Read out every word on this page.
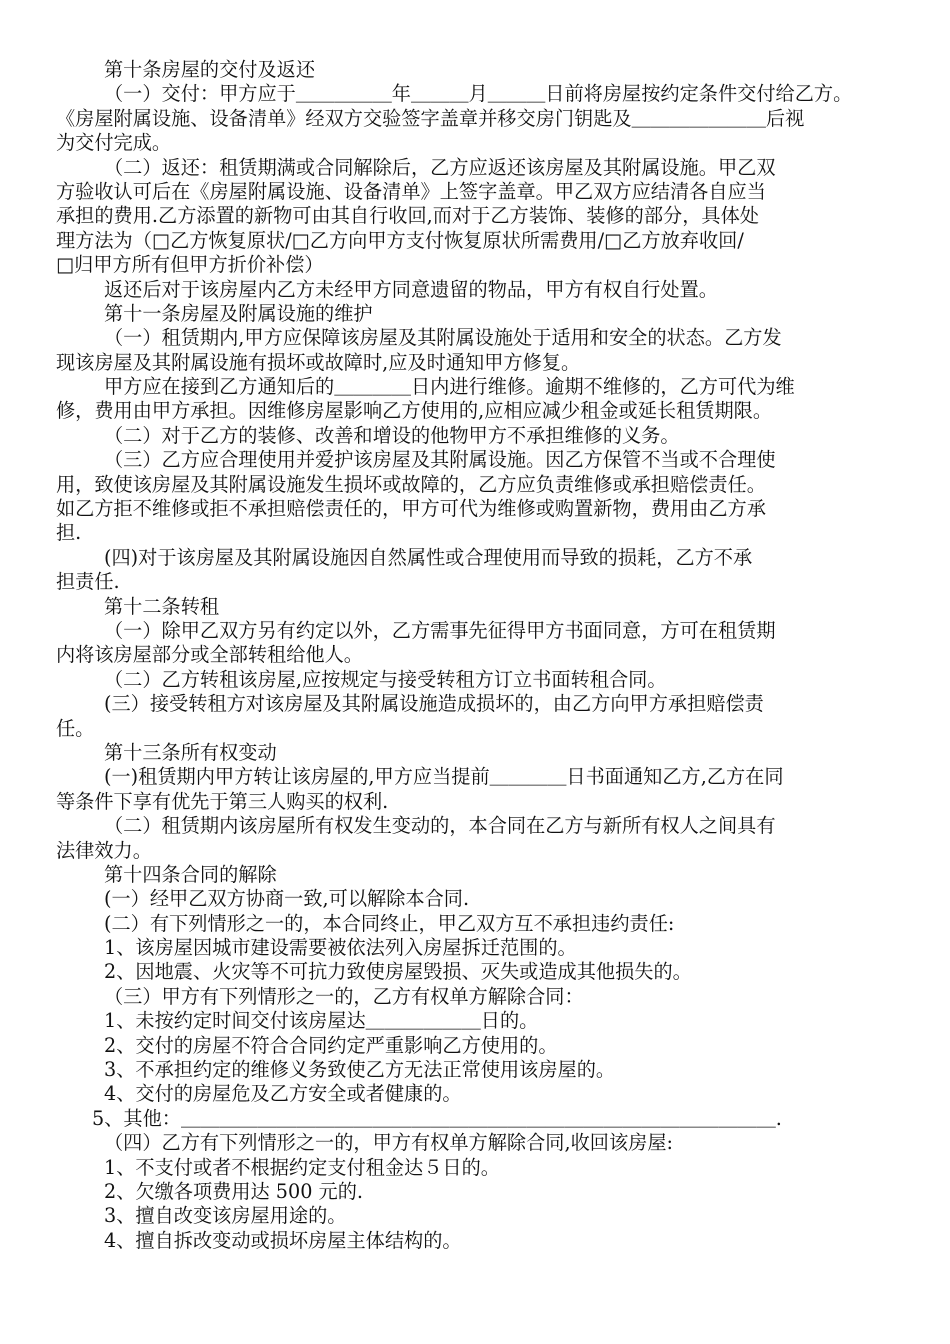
第十条房屋的交付及返还
（一）交付：甲方应于＿＿＿＿＿年＿＿＿月＿＿＿日前将房屋按约定条件交付给乙方。
《房屋附属设施、设备清单》经双方交验签字盖章并移交房门钥匙及＿＿＿＿＿＿＿后视
为交付完成。
（二）返还：租赁期满或合同解除后，乙方应返还该房屋及其附属设施。甲乙双
方验收认可后在《房屋附属设施、设备清单》上签字盖章。甲乙双方应结清各自应当
承担的费用.乙方添置的新物可由其自行收回,而对于乙方装饰、装修的部分，具体处
理方法为（□乙方恢复原状/□乙方向甲方支付恢复原状所需费用/□乙方放弃收回/
□归甲方所有但甲方折价补偿）
返还后对于该房屋内乙方未经甲方同意遗留的物品，甲方有权自行处置。
第十一条房屋及附属设施的维护
（一）租赁期内,甲方应保障该房屋及其附属设施处于适用和安全的状态。乙方发
现该房屋及其附属设施有损坏或故障时,应及时通知甲方修复。
甲方应在接到乙方通知后的＿＿＿＿日内进行维修。逾期不维修的，乙方可代为维
修，费用由甲方承担。因维修房屋影响乙方使用的,应相应减少租金或延长租赁期限。
（二）对于乙方的装修、改善和增设的他物甲方不承担维修的义务。
（三）乙方应合理使用并爱护该房屋及其附属设施。因乙方保管不当或不合理使
用，致使该房屋及其附属设施发生损坏或故障的，乙方应负责维修或承担赔偿责任。
如乙方拒不维修或拒不承担赔偿责任的，甲方可代为维修或购置新物，费用由乙方承
担.
(四)对于该房屋及其附属设施因自然属性或合理使用而导致的损耗，乙方不承
担责任.
第十二条转租
（一）除甲乙双方另有约定以外，乙方需事先征得甲方书面同意，方可在租赁期
内将该房屋部分或全部转租给他人。
（二）乙方转租该房屋,应按规定与接受转租方订立书面转租合同。
(三）接受转租方对该房屋及其附属设施造成损坏的，由乙方向甲方承担赔偿责
任。
第十三条所有权变动
(一)租赁期内甲方转让该房屋的,甲方应当提前＿＿＿＿日书面通知乙方,乙方在同
等条件下享有优先于第三人购买的权利.
（二）租赁期内该房屋所有权发生变动的，本合同在乙方与新所有权人之间具有
法律效力。
第十四条合同的解除
(一）经甲乙双方协商一致,可以解除本合同.
(二）有下列情形之一的，本合同终止，甲乙双方互不承担违约责任:
1、该房屋因城市建设需要被依法列入房屋拆迁范围的。
2、因地震、火灾等不可抗力致使房屋毁损、灭失或造成其他损失的。
（三）甲方有下列情形之一的，乙方有权单方解除合同：
1、未按约定时间交付该房屋达＿＿＿＿＿＿日的。
2、交付的房屋不符合合同约定严重影响乙方使用的。
3、不承担约定的维修义务致使乙方无法正常使用该房屋的。
4、交付的房屋危及乙方安全或者健康的。
5、其他：＿＿＿＿＿＿＿＿＿＿＿＿＿＿＿＿＿＿＿＿＿＿＿＿＿＿＿＿＿＿＿.
（四）乙方有下列情形之一的，甲方有权单方解除合同,收回该房屋:
1、不支付或者不根据约定支付租金达５日的。
2、欠缴各项费用达 500 元的.
3、擅自改变该房屋用途的。
4、擅自拆改变动或损坏房屋主体结构的。
